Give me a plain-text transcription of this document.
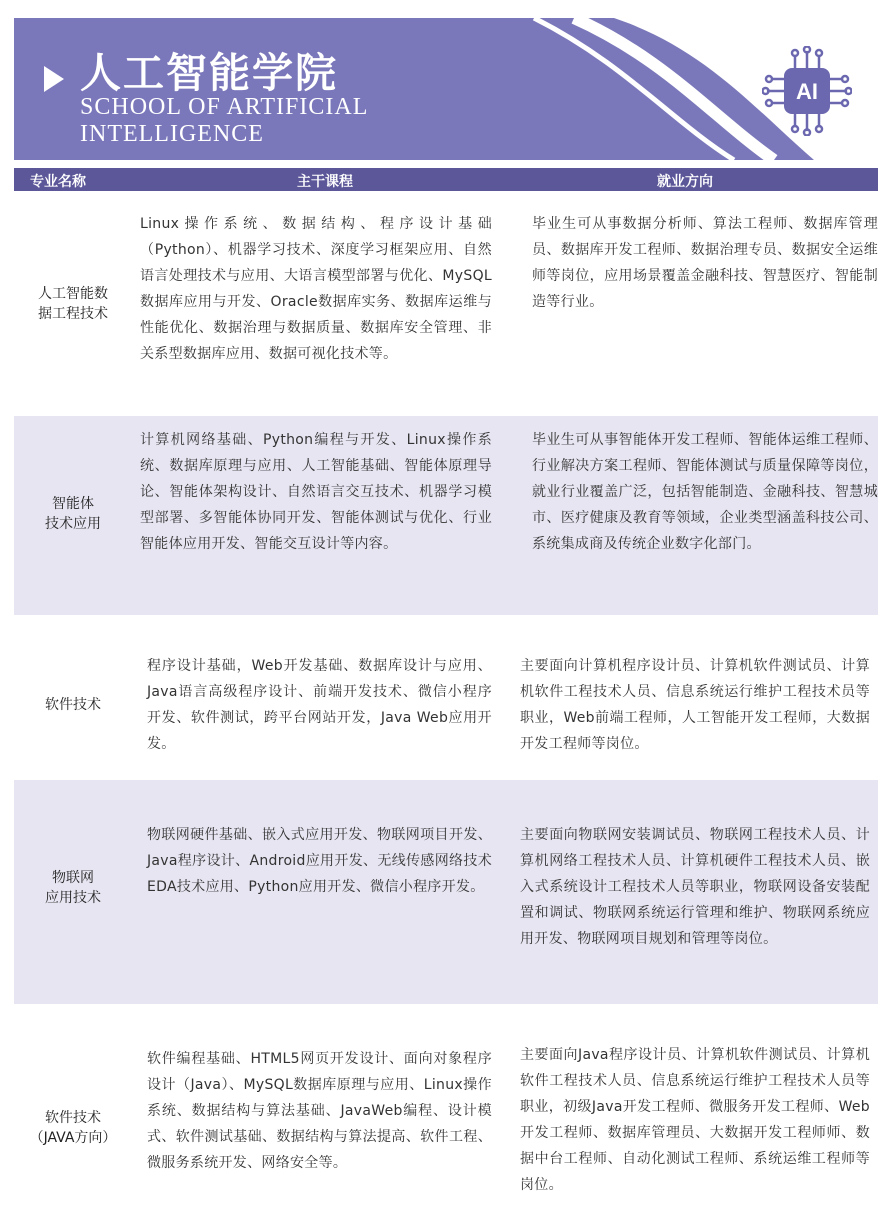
人工智能学院
SCHOOL OF ARTIFICIAL
INTELLIGENCE
AI
专业名称	主干课程	就业方向
人工智能数
据工程技术
Linux操作系统、数据结构、程序设计基础（Python）、机器学习技术、深度学习框架应用、自然语言处理技术与应用、大语言模型部署与优化、MySQL数据库应用与开发、Oracle数据库实务、数据库运维与性能优化、数据治理与数据质量、数据库安全管理、非关系型数据库应用、数据可视化技术等。
毕业生可从事数据分析师、算法工程师、数据库管理员、数据库开发工程师、数据治理专员、数据安全运维师等岗位，应用场景覆盖金融科技、智慧医疗、智能制造等行业。
智能体
技术应用
计算机网络基础、Python编程与开发、Linux操作系统、数据库原理与应用、人工智能基础、智能体原理导论、智能体架构设计、自然语言交互技术、机器学习模型部署、多智能体协同开发、智能体测试与优化、行业智能体应用开发、智能交互设计等内容。
毕业生可从事智能体开发工程师、智能体运维工程师、行业解决方案工程师、智能体测试与质量保障等岗位，就业行业覆盖广泛，包括智能制造、金融科技、智慧城市、医疗健康及教育等领域，企业类型涵盖科技公司、系统集成商及传统企业数字化部门。
软件技术
程序设计基础，Web开发基础、数据库设计与应用、Java语言高级程序设计、前端开发技术、微信小程序开发、软件测试，跨平台网站开发，Java Web应用开发。
主要面向计算机程序设计员、计算机软件测试员、计算机软件工程技术人员、信息系统运行维护工程技术员等职业，Web前端工程师，人工智能开发工程师，大数据开发工程师等岗位。
物联网
应用技术
物联网硬件基础、嵌入式应用开发、物联网项目开发、Java程序设计、Android应用开发、无线传感网络技术EDA技术应用、Python应用开发、微信小程序开发。
主要面向物联网安装调试员、物联网工程技术人员、计算机网络工程技术人员、计算机硬件工程技术人员、嵌入式系统设计工程技术人员等职业，物联网设备安装配置和调试、物联网系统运行管理和维护、物联网系统应用开发、物联网项目规划和管理等岗位。
软件技术
（JAVA方向）
软件编程基础、HTML5网页开发设计、面向对象程序设计（Java）、MySQL数据库原理与应用、Linux操作系统、数据结构与算法基础、JavaWeb编程、设计模式、软件测试基础、数据结构与算法提高、软件工程、微服务系统开发、网络安全等。
主要面向Java程序设计员、计算机软件测试员、计算机软件工程技术人员、信息系统运行维护工程技术人员等职业，初级Java开发工程师、微服务开发工程师、Web开发工程师、数据库管理员、大数据开发工程师师、数据中台工程师、自动化测试工程师、系统运维工程师等岗位。
